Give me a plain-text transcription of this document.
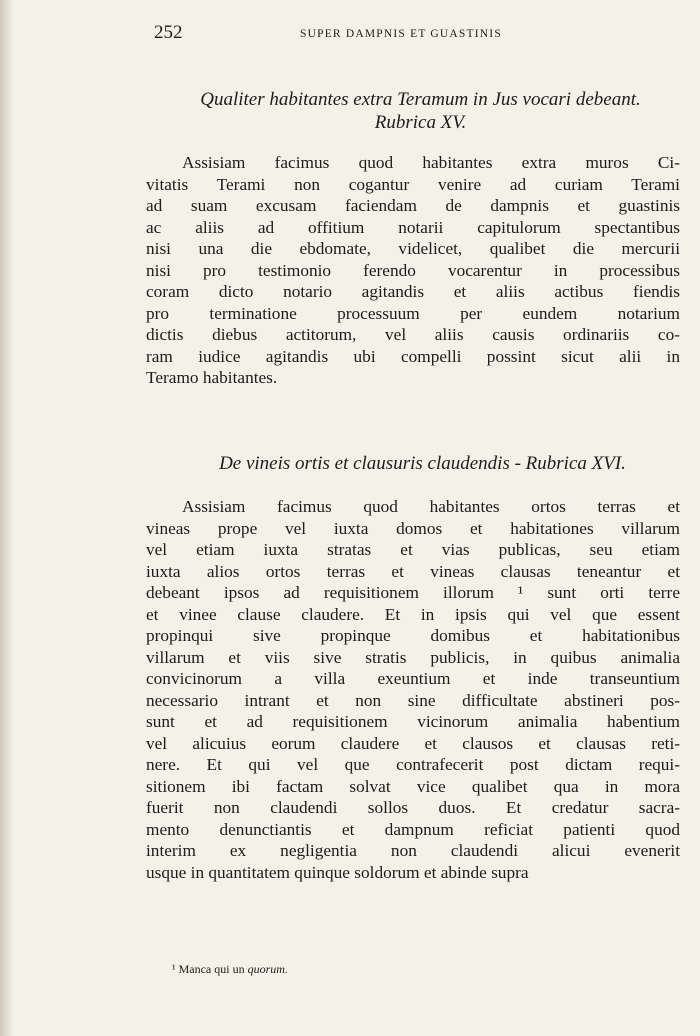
252	SUPER DAMPNIS ET GUASTINIS
Qualiter habitantes extra Teramum in Jus vocari debeant.
Rubrica XV.
Assisiam facimus quod habitantes extra muros Ci-
vitatis Terami non cogantur venire ad curiam Terami
ad suam excusam faciendam de dampnis et guastinis
ac aliis ad offitium notarii capitulorum spectantibus
nisi una die ebdomate, videlicet, qualibet die mercurii
nisi pro testimonio ferendo vocarentur in processibus
coram dicto notario agitandis et aliis actibus fiendis
pro terminatione processuum per eundem notarium
dictis diebus actitorum, vel aliis causis ordinariis co-
ram iudice agitandis ubi compelli possint sicut alii in
Teramo habitantes.
De vineis ortis et clausuris claudendis - Rubrica XVI.
Assisiam facimus quod habitantes ortos terras et
vineas prope vel iuxta domos et habitationes villarum
vel etiam iuxta stratas et vias publicas, seu etiam
iuxta alios ortos terras et vineas clausas teneantur et
debeant ipsos ad requisitionem illorum ¹ sunt orti terre
et vinee clause claudere. Et in ipsis qui vel que essent
propinqui sive propinque domibus et habitationibus
villarum et viis sive stratis publicis, in quibus animalia
convicinorum a villa exeuntium et inde transeuntium
necessario intrant et non sine difficultate abstineri pos-
sunt et ad requisitionem vicinorum animalia habentium
vel alicuius eorum claudere et clausos et clausas reti-
nere. Et qui vel que contrafecerit post dictam requi-
sitionem ibi factam solvat vice qualibet qua in mora
fuerit non claudendi sollos duos. Et credatur sacra-
mento denunctiantis et dampnum reficiat patienti quod
interim ex negligentia non claudendi alicui evenerit
usque in quantitatem quinque soldorum et abinde supra
¹ Manca qui un quorum.
